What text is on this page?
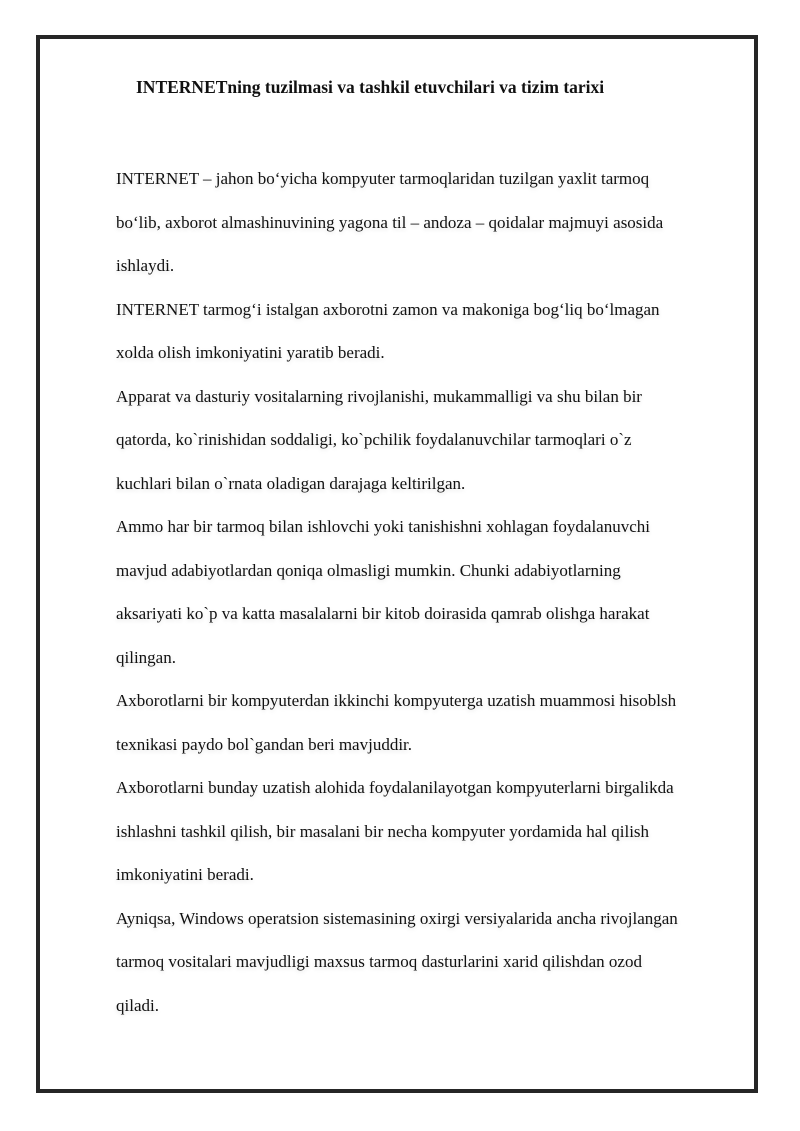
INTERNETning tuzilmasi va tashkil etuvchilari va tizim tarixi

INTERNET – jahon bo‘yicha kompyuter tarmoqlaridan tuzilgan yaxlit tarmoq
bo‘lib, axborot almashinuvining yagona til – andoza – qoidalar majmuyi asosida
ishlaydi.

INTERNET tarmog‘i istalgan axborotni zamon va makoniga bog‘liq bo‘lmagan
xolda olish imkoniyatini yaratib beradi.

Apparat va dasturiy vositalarning rivojlanishi, mukammalligi va shu bilan bir
qatorda, ko`rinishidan soddaligi, ko`pchilik foydalanuvchilar tarmoqlari o`z
kuchlari bilan o`rnata oladigan darajaga keltirilgan.

Ammo har bir tarmoq bilan ishlovchi yoki tanishishni xohlagan foydalanuvchi
mavjud adabiyotlardan qoniqa olmasligi mumkin. Chunki adabiyotlarning
aksariyati ko`p va katta masalalarni bir kitob doirasida qamrab olishga harakat
qilingan.

Axborotlarni bir kompyuterdan ikkinchi kompyuterga uzatish muammosi hisoblsh
texnikasi paydo bol`gandan beri mavjuddir.

Axborotlarni bunday uzatish alohida foydalanilayotgan kompyuterlarni birgalikda
ishlashni tashkil qilish, bir masalani bir necha kompyuter yordamida hal qilish
imkoniyatini beradi.

Ayniqsa, Windows operatsion sistemasining oxirgi versiyalarida ancha rivojlangan
tarmoq vositalari mavjudligi maxsus tarmoq dasturlarini xarid qilishdan ozod
qiladi.
